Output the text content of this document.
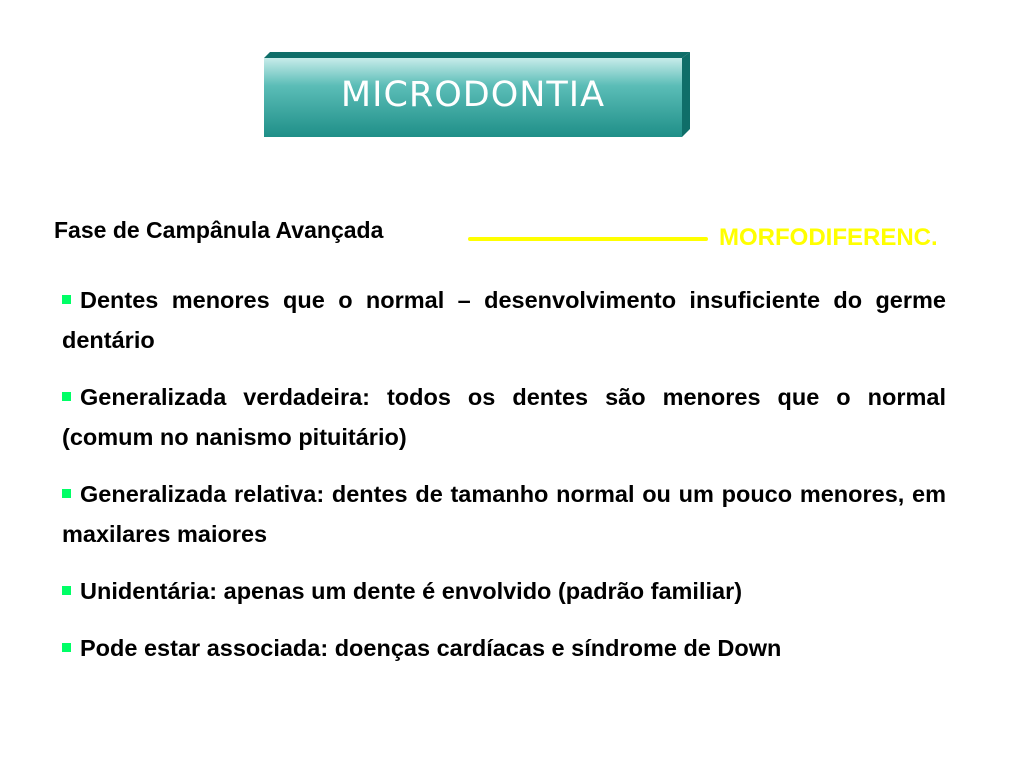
MICRODONTIA
Fase de Campânula Avançada	MORFODIFERENC.
Dentes menores que o normal – desenvolvimento insuficiente do germe dentário
Generalizada verdadeira: todos os dentes são menores que o normal (comum no nanismo pituitário)
Generalizada relativa: dentes de tamanho normal ou um pouco menores, em maxilares maiores
Unidentária: apenas um dente é envolvido (padrão familiar)
Pode estar associada: doenças cardíacas e síndrome de Down
